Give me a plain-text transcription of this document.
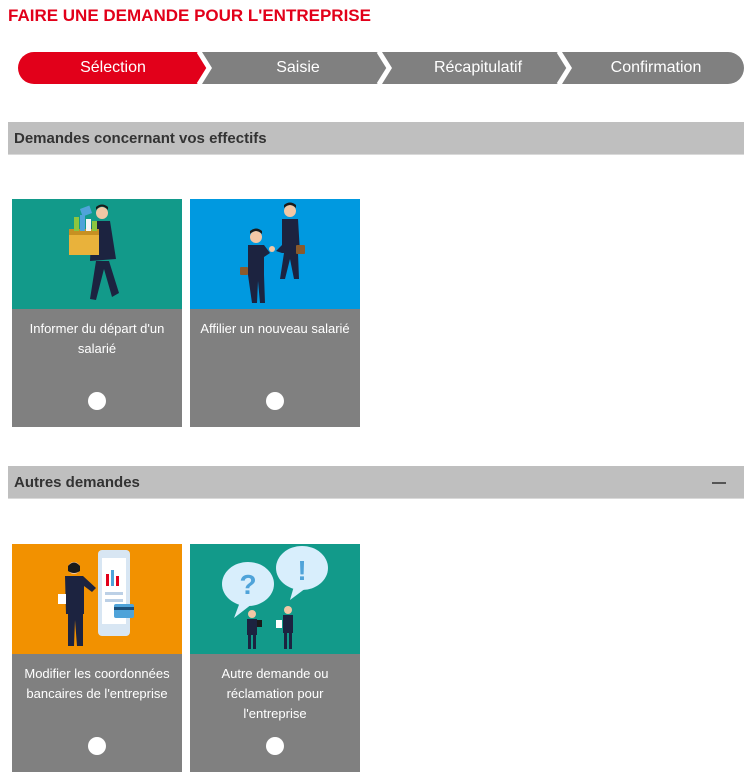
FAIRE UNE DEMANDE POUR L'ENTREPRISE
Sélection	Saisie	Récapitulatif	Confirmation
Demandes concernant vos effectifs
Informer du départ d'un salarié
Affilier un nouveau salarié
Autres demandes
Modifier les coordonnées bancaires de l'entreprise
? !
Autre demande ou réclamation pour l'entreprise
